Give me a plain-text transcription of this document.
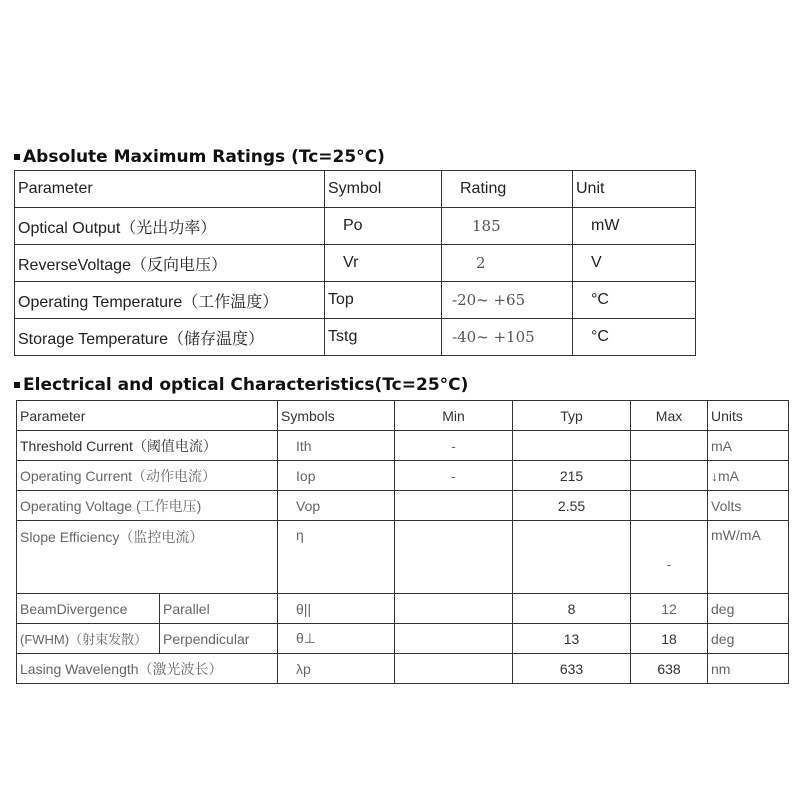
Absolute Maximum Ratings (Tc=25°C)
Parameter	Symbol	Rating	Unit
Optical Output（光出功率）	Po	185	mW
ReverseVoltage（反向电压）	Vr	2	V
Operating Temperature（工作温度）	Top	-20~ +65	°C
Storage Temperature（储存温度）	Tstg	-40~ +105	°C
Electrical and optical Characteristics(Tc=25°C)
Parameter		Symbols	Min	Typ	Max	Units
Threshold Current（阈值电流）		Ith	-			mA
Operating Current（动作电流）		Iop	-	215		↓mA
Operating Voltage (工作电压)		Vop		2.55		Volts
Slope Efficiency（监控电流）		η			-	mW/mA
BeamDivergence	Parallel	θ||		8	12	deg
(FWHM)（射束发散）	Perpendicular	θ⊥		13	18	deg
Lasing Wavelength（激光波长）		λp		633	638	nm
